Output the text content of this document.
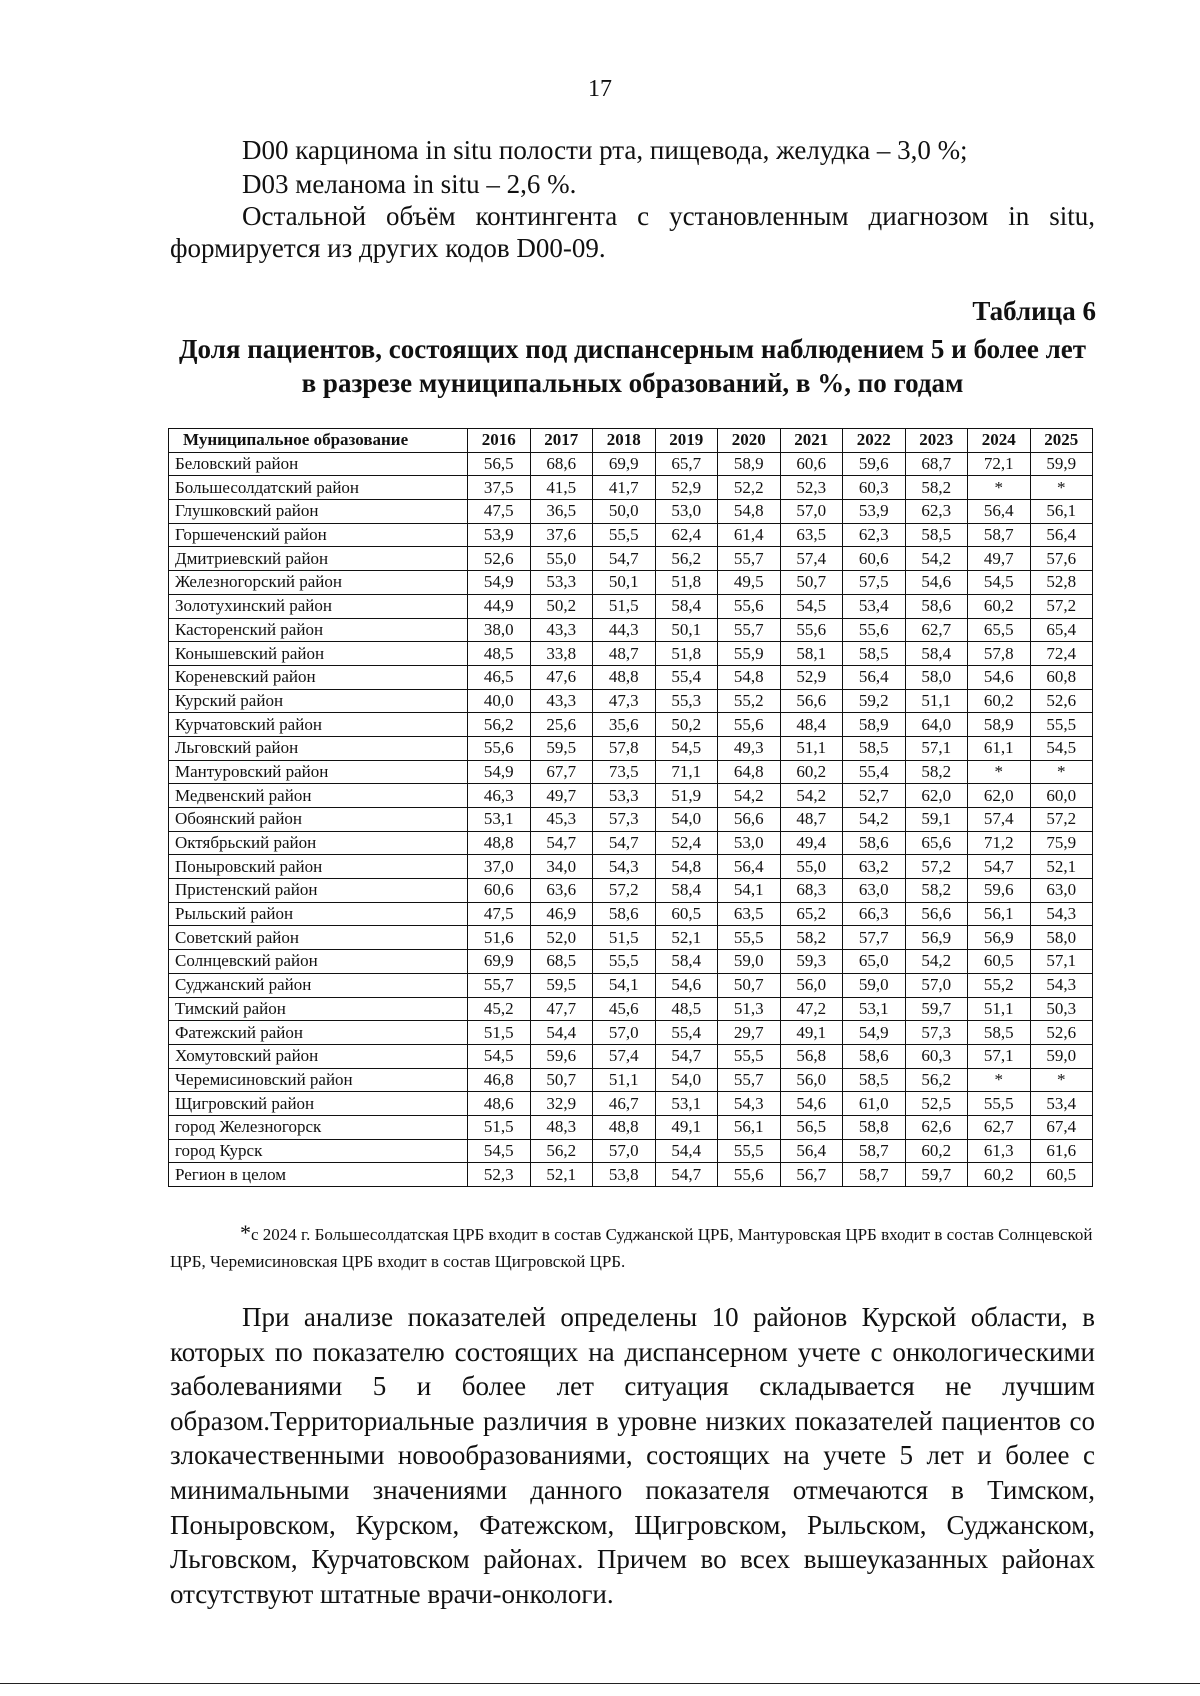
17

D00 карцинома in situ полости рта, пищевода, желудка – 3,0 %;

D03 меланома in situ – 2,6 %.

Остальной объём контингента с установленным диагнозом in situ, формируется из других кодов D00-09.

Таблица 6
Доля пациентов, состоящих под диспансерным наблюдением 5 и более лет в разрезе муниципальных образований, в %, по годам
Муниципальное образование	2016	2017	2018	2019	2020	2021	2022	2023	2024	2025
Беловский район	56,5	68,6	69,9	65,7	58,9	60,6	59,6	68,7	72,1	59,9
Большесолдатский район	37,5	41,5	41,7	52,9	52,2	52,3	60,3	58,2	*	*
Глушковский район	47,5	36,5	50,0	53,0	54,8	57,0	53,9	62,3	56,4	56,1
Горшеченский район	53,9	37,6	55,5	62,4	61,4	63,5	62,3	58,5	58,7	56,4
Дмитриевский район	52,6	55,0	54,7	56,2	55,7	57,4	60,6	54,2	49,7	57,6
Железногорский район	54,9	53,3	50,1	51,8	49,5	50,7	57,5	54,6	54,5	52,8
Золотухинский район	44,9	50,2	51,5	58,4	55,6	54,5	53,4	58,6	60,2	57,2
Касторенский район	38,0	43,3	44,3	50,1	55,7	55,6	55,6	62,7	65,5	65,4
Конышевский район	48,5	33,8	48,7	51,8	55,9	58,1	58,5	58,4	57,8	72,4
Кореневский район	46,5	47,6	48,8	55,4	54,8	52,9	56,4	58,0	54,6	60,8
Курский район	40,0	43,3	47,3	55,3	55,2	56,6	59,2	51,1	60,2	52,6
Курчатовский район	56,2	25,6	35,6	50,2	55,6	48,4	58,9	64,0	58,9	55,5
Льговский район	55,6	59,5	57,8	54,5	49,3	51,1	58,5	57,1	61,1	54,5
Мантуровский район	54,9	67,7	73,5	71,1	64,8	60,2	55,4	58,2	*	*
Медвенский район	46,3	49,7	53,3	51,9	54,2	54,2	52,7	62,0	62,0	60,0
Обоянский район	53,1	45,3	57,3	54,0	56,6	48,7	54,2	59,1	57,4	57,2
Октябрьский район	48,8	54,7	54,7	52,4	53,0	49,4	58,6	65,6	71,2	75,9
Поныровский район	37,0	34,0	54,3	54,8	56,4	55,0	63,2	57,2	54,7	52,1
Пристенский район	60,6	63,6	57,2	58,4	54,1	68,3	63,0	58,2	59,6	63,0
Рыльский район	47,5	46,9	58,6	60,5	63,5	65,2	66,3	56,6	56,1	54,3
Советский район	51,6	52,0	51,5	52,1	55,5	58,2	57,7	56,9	56,9	58,0
Солнцевский район	69,9	68,5	55,5	58,4	59,0	59,3	65,0	54,2	60,5	57,1
Суджанский район	55,7	59,5	54,1	54,6	50,7	56,0	59,0	57,0	55,2	54,3
Тимский район	45,2	47,7	45,6	48,5	51,3	47,2	53,1	59,7	51,1	50,3
Фатежский район	51,5	54,4	57,0	55,4	29,7	49,1	54,9	57,3	58,5	52,6
Хомутовский район	54,5	59,6	57,4	54,7	55,5	56,8	58,6	60,3	57,1	59,0
Черемисиновский район	46,8	50,7	51,1	54,0	55,7	56,0	58,5	56,2	*	*
Щигровский район	48,6	32,9	46,7	53,1	54,3	54,6	61,0	52,5	55,5	53,4
город Железногорск	51,5	48,3	48,8	49,1	56,1	56,5	58,8	62,6	62,7	67,4
город Курск	54,5	56,2	57,0	54,4	55,5	56,4	58,7	60,2	61,3	61,6
Регион в целом	52,3	52,1	53,8	54,7	55,6	56,7	58,7	59,7	60,2	60,5
*с 2024 г. Большесолдатская ЦРБ входит в состав Суджанской ЦРБ, Мантуровская ЦРБ входит в состав Солнцевской ЦРБ, Черемисиновская ЦРБ входит в состав Щигровской ЦРБ.

При анализе показателей определены 10 районов Курской области, в которых по показателю состоящих на диспансерном учете с онкологическими заболеваниями 5 и более лет ситуация складывается не лучшим образом.Территориальные различия в уровне низких показателей пациентов со злокачественными новообразованиями, состоящих на учете 5 лет и более с минимальными значениями данного показателя отмечаются в Тимском, Поныровском, Курском, Фатежском, Щигровском, Рыльском, Суджанском, Льговском, Курчатовском районах. Причем во всех вышеуказанных районах отсутствуют штатные врачи-онкологи.
